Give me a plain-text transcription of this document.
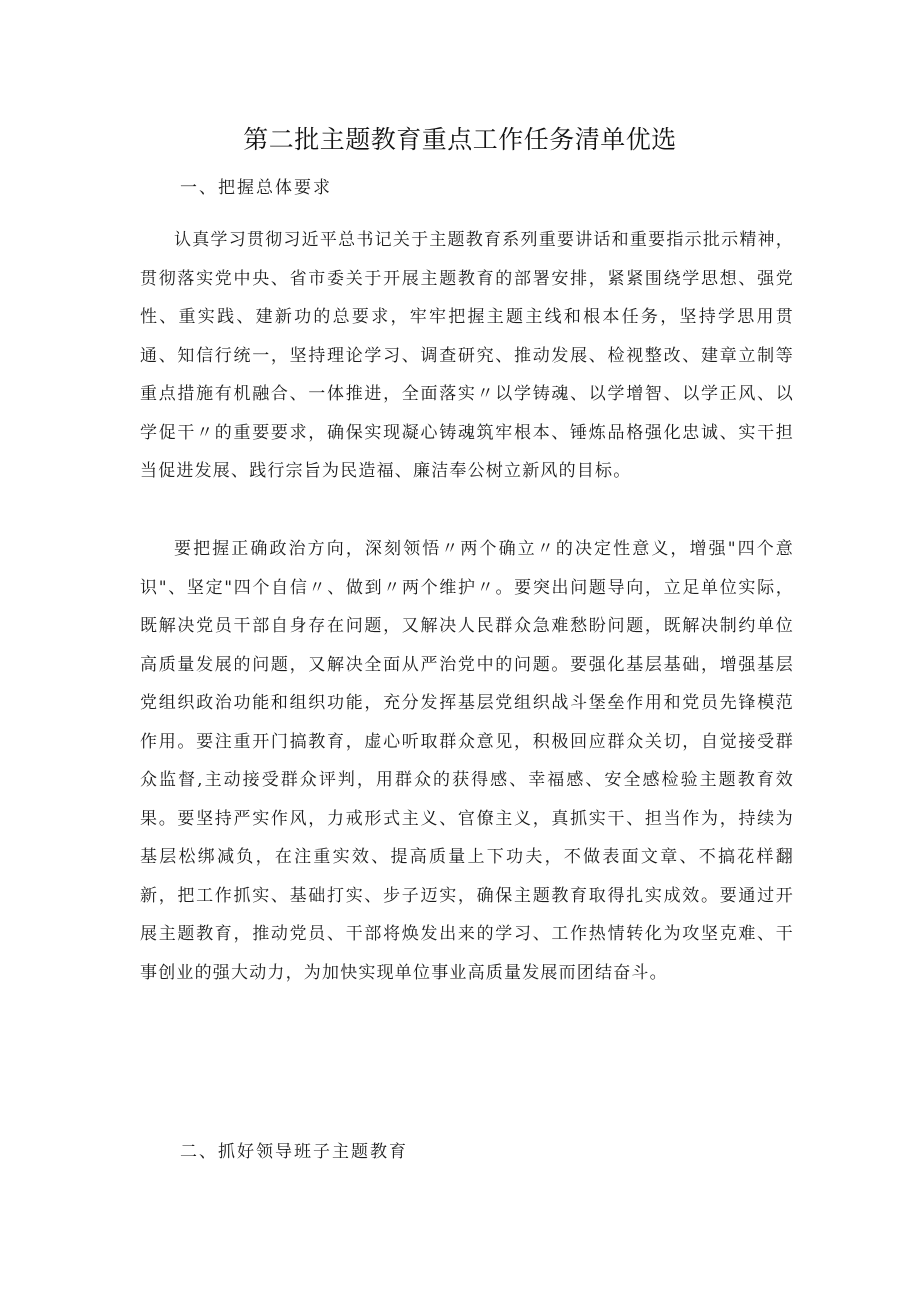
第二批主题教育重点工作任务清单优选
一、把握总体要求

认真学习贯彻习近平总书记关于主题教育系列重要讲话和重要指示批示精神，贯彻落实党中央、省市委关于开展主题教育的部署安排，紧紧围绕学思想、强党性、重实践、建新功的总要求，牢牢把握主题主线和根本任务，坚持学思用贯通、知信行统一，坚持理论学习、调查研究、推动发展、检视整改、建章立制等重点措施有机融合、一体推进，全面落实〃以学铸魂、以学增智、以学正风、以学促干〃的重要要求，确保实现凝心铸魂筑牢根本、锤炼品格强化忠诚、实干担当促进发展、践行宗旨为民造福、廉洁奉公树立新风的目标。

要把握正确政治方向，深刻领悟〃两个确立〃的决定性意义，增强"四个意识"、坚定"四个自信〃、做到〃两个维护〃。要突出问题导向，立足单位实际，既解决党员干部自身存在问题，又解决人民群众急难愁盼问题，既解决制约单位高质量发展的问题，又解决全面从严治党中的问题。要强化基层基础，增强基层党组织政治功能和组织功能，充分发挥基层党组织战斗堡垒作用和党员先锋模范作用。要注重开门搞教育，虚心听取群众意见，积极回应群众关切，自觉接受群众监督,主动接受群众评判，用群众的获得感、幸福感、安全感检验主题教育效果。要坚持严实作风，力戒形式主义、官僚主义，真抓实干、担当作为，持续为基层松绑减负，在注重实效、提高质量上下功夫，不做表面文章、不搞花样翻新，把工作抓实、基础打实、步子迈实，确保主题教育取得扎实成效。要通过开展主题教育，推动党员、干部将焕发出来的学习、工作热情转化为攻坚克难、干事创业的强大动力，为加快实现单位事业高质量发展而团结奋斗。

二、抓好领导班子主题教育
